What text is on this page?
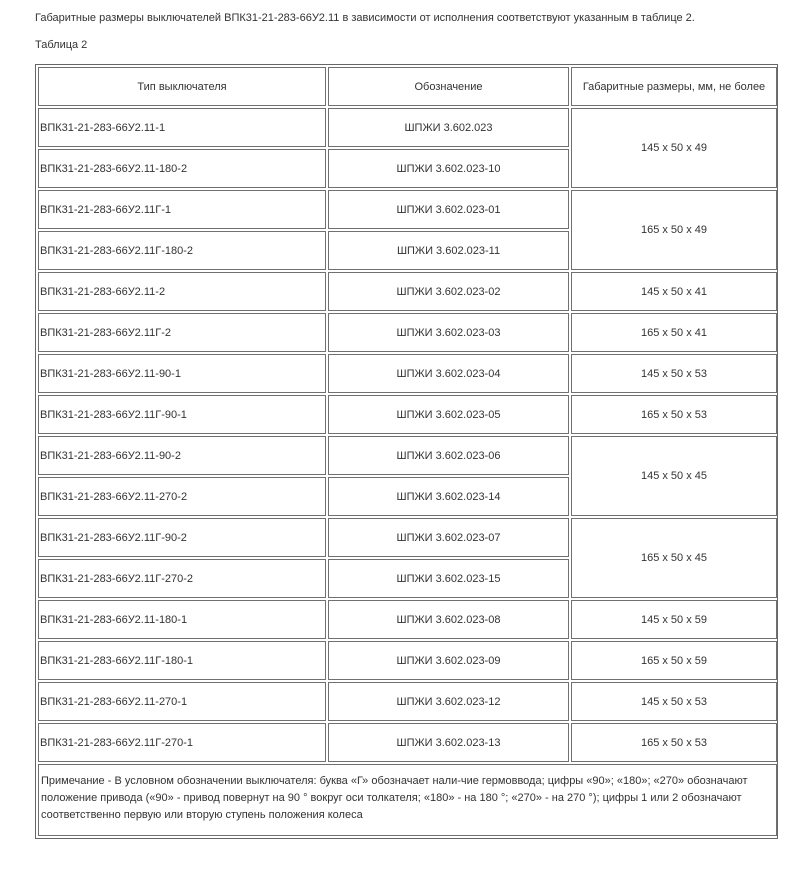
Габаритные размеры выключателей ВПК31-21-283-66У2.11 в зависимости от исполнения соответствуют указанным в таблице 2.
Таблица 2
Тип выключателя	Обозначение	Габаритные размеры, мм, не более
ВПК31-21-283-66У2.11-1	ШПЖИ 3.602.023	145 x 50 x 49
ВПК31-21-283-66У2.11-180-2	ШПЖИ 3.602.023-10	
ВПК31-21-283-66У2.11Г-1	ШПЖИ 3.602.023-01	165 x 50 x 49
ВПК31-21-283-66У2.11Г-180-2	ШПЖИ 3.602.023-11	
ВПК31-21-283-66У2.11-2	ШПЖИ 3.602.023-02	145 x 50 x 41
ВПК31-21-283-66У2.11Г-2	ШПЖИ 3.602.023-03	165 x 50 x 41
ВПК31-21-283-66У2.11-90-1	ШПЖИ 3.602.023-04	145 x 50 x 53
ВПК31-21-283-66У2.11Г-90-1	ШПЖИ 3.602.023-05	165 x 50 x 53
ВПК31-21-283-66У2.11-90-2	ШПЖИ 3.602.023-06	145 x 50 x 45
ВПК31-21-283-66У2.11-270-2	ШПЖИ 3.602.023-14	
ВПК31-21-283-66У2.11Г-90-2	ШПЖИ 3.602.023-07	165 x 50 x 45
ВПК31-21-283-66У2.11Г-270-2	ШПЖИ 3.602.023-15	
ВПК31-21-283-66У2.11-180-1	ШПЖИ 3.602.023-08	145 x 50 x 59
ВПК31-21-283-66У2.11Г-180-1	ШПЖИ 3.602.023-09	165 x 50 x 59
ВПК31-21-283-66У2.11-270-1	ШПЖИ 3.602.023-12	145 x 50 x 53
ВПК31-21-283-66У2.11Г-270-1	ШПЖИ 3.602.023-13	165 x 50 x 53
Примечание - В условном обозначении выключателя: буква «Г» обозначает нали-чие гермоввода; цифры «90»; «180»; «270» обозначают положение привода («90» - привод повернут на 90 ° вокруг оси толкателя; «180» - на 180 °; «270» - на 270 °); цифры 1 или 2 обозначают соответственно первую или вторую ступень положения колеса		
